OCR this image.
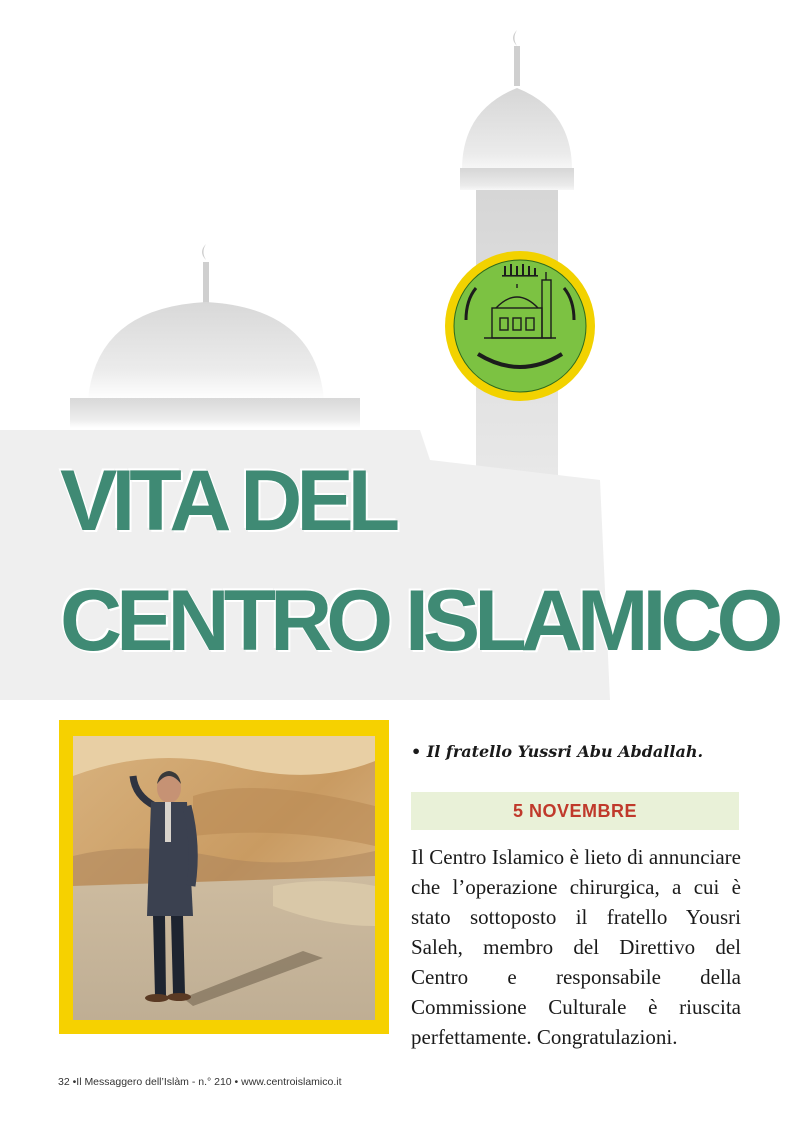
VITA DEL
CENTRO ISLAMICO

• Il fratello Yussri Abu Abdallah.

5 NOVEMBRE

Il Centro Islamico è lieto di annunciare che l’operazione chirurgica, a cui è stato sottoposto il fratello Yousri Saleh, membro del Direttivo del Centro e responsabile della Commissione Culturale è riuscita perfettamente. Congratulazioni.

32 •Il Messaggero dell’Islàm - n.° 210 • www.centroislamico.it
